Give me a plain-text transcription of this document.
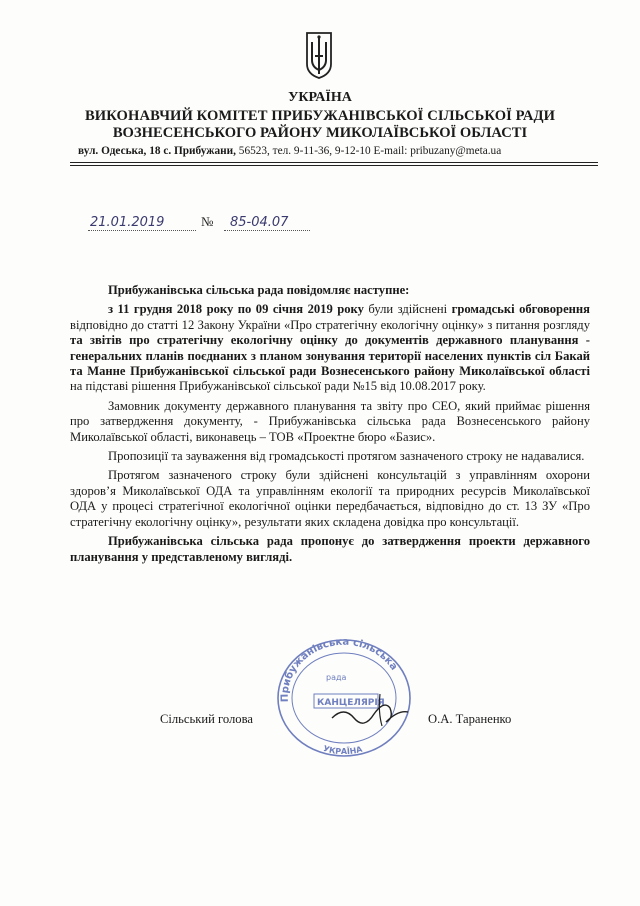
УКРАЇНА
ВИКОНАВЧИЙ КОМІТЕТ ПРИБУЖАНІВСЬКОЇ СІЛЬСЬКОЇ РАДИ
ВОЗНЕСЕНСЬКОГО РАЙОНУ МИКОЛАЇВСЬКОЇ ОБЛАСТІ
вул. Одеська, 18 с. Прибужани, 56523, тел. 9-11-36, 9-12-10 E-mail: pribuzany@meta.ua
21.01.2019	№ 85-04.07

Прибужанівська сільська рада повідомляє наступне:

з 11 грудня 2018 року по 09 січня 2019 року були здійснені громадські обговорення відповідно до статті 12 Закону України «Про стратегічну екологічну оцінку» з питання розгляду та звітів про стратегічну екологічну оцінку до документів державного планування - генеральних планів поєднаних з планом зонування території населених пунктів сіл Бакай та Манне Прибужанівської сільської ради Вознесенського району Миколаївської області на підставі рішення Прибужанівської сільської ради №15 від 10.08.2017 року.

Замовник документу державного планування та звіту про СЕО, який приймає рішення про затвердження документу, - Прибужанівська сільська рада Вознесенського району Миколаївської області, виконавець – ТОВ «Проектне бюро «Базис».

Пропозиції та зауваження від громадськості протягом зазначеного строку не надавалися.

Протягом зазначеного строку були здійснені консультацій з управлінням охорони здоров’я Миколаївської ОДА та управлінням екології та природних ресурсів Миколаївської ОДА у процесі стратегічної екологічної оцінки передбачається, відповідно до ст. 13 ЗУ «Про стратегічну екологічну оцінку», результати яких складена довідка про консультації.

Прибужанівська сільська рада пропонує до затвердження проекти державного планування у представленому вигляді.

Прибужанівська сільська
рада
КАНЦЕЛЯРІЯ
УКРАЇНА
Сільський голова	О.А. Тараненко
